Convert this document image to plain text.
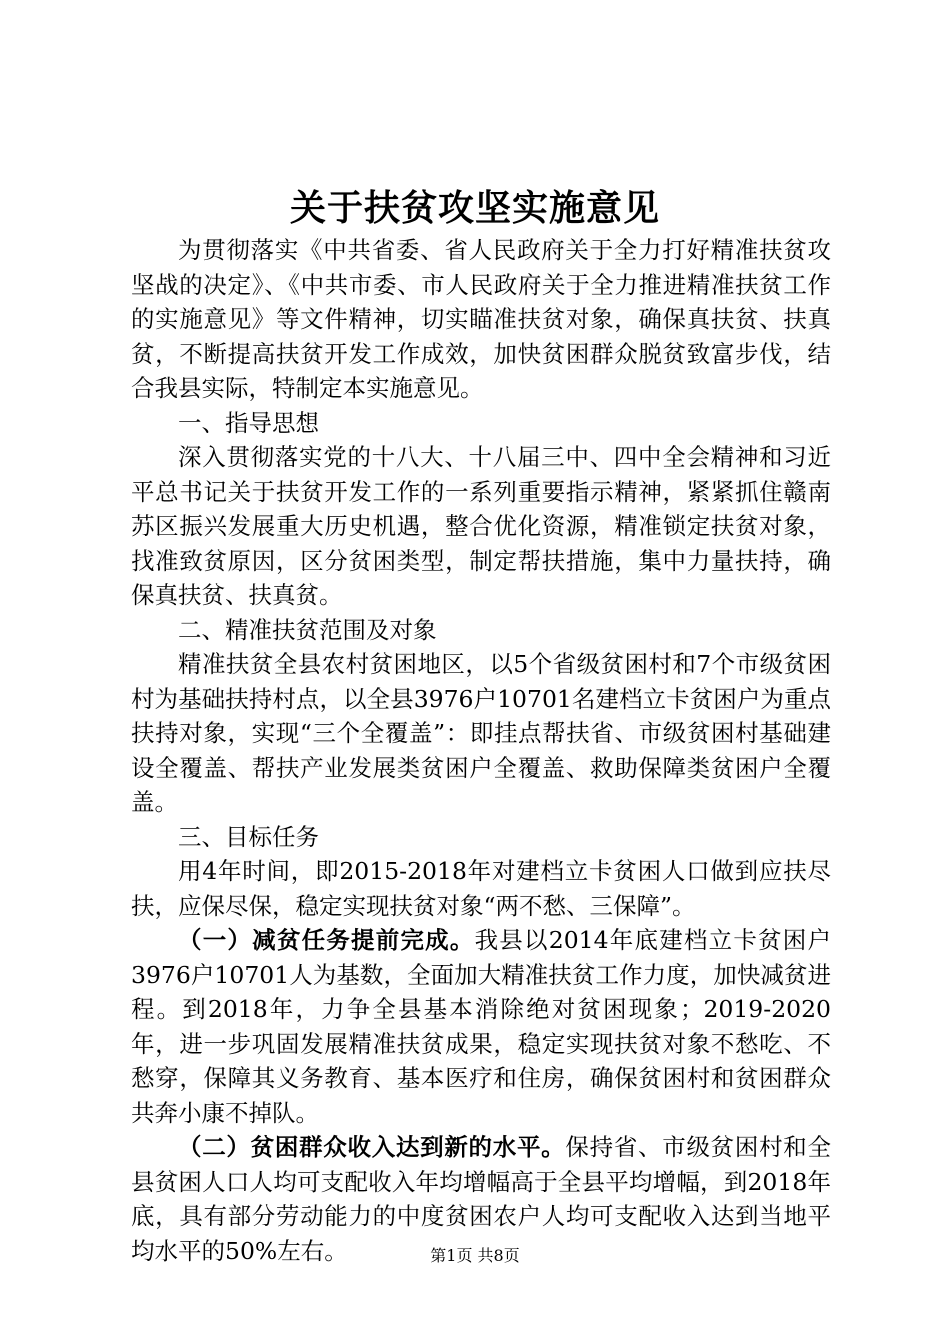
关于扶贫攻坚实施意见

为贯彻落实《中共省委、省人民政府关于全力打好精准扶贫攻坚战的决定》、《中共市委、市人民政府关于全力推进精准扶贫工作的实施意见》等文件精神，切实瞄准扶贫对象，确保真扶贫、扶真贫，不断提高扶贫开发工作成效，加快贫困群众脱贫致富步伐，结合我县实际，特制定本实施意见。

一、指导思想

深入贯彻落实党的十八大、十八届三中、四中全会精神和习近平总书记关于扶贫开发工作的一系列重要指示精神，紧紧抓住赣南苏区振兴发展重大历史机遇，整合优化资源，精准锁定扶贫对象，找准致贫原因，区分贫困类型，制定帮扶措施，集中力量扶持，确保真扶贫、扶真贫。

二、精准扶贫范围及对象

精准扶贫全县农村贫困地区，以5个省级贫困村和7个市级贫困村为基础扶持村点，以全县3976户10701名建档立卡贫困户为重点扶持对象，实现“三个全覆盖”：即挂点帮扶省、市级贫困村基础建设全覆盖、帮扶产业发展类贫困户全覆盖、救助保障类贫困户全覆盖。

三、目标任务

用4年时间，即2015-2018年对建档立卡贫困人口做到应扶尽扶，应保尽保，稳定实现扶贫对象“两不愁、三保障”。

（一）减贫任务提前完成。我县以2014年底建档立卡贫困户3976户10701人为基数，全面加大精准扶贫工作力度，加快减贫进程。到2018年，力争全县基本消除绝对贫困现象；2019-2020年，进一步巩固发展精准扶贫成果，稳定实现扶贫对象不愁吃、不愁穿，保障其义务教育、基本医疗和住房，确保贫困村和贫困群众共奔小康不掉队。

（二）贫困群众收入达到新的水平。保持省、市级贫困村和全县贫困人口人均可支配收入年均增幅高于全县平均增幅，到2018年底，具有部分劳动能力的中度贫困农户人均可支配收入达到当地平均水平的50%左右。	第1页 共8页
